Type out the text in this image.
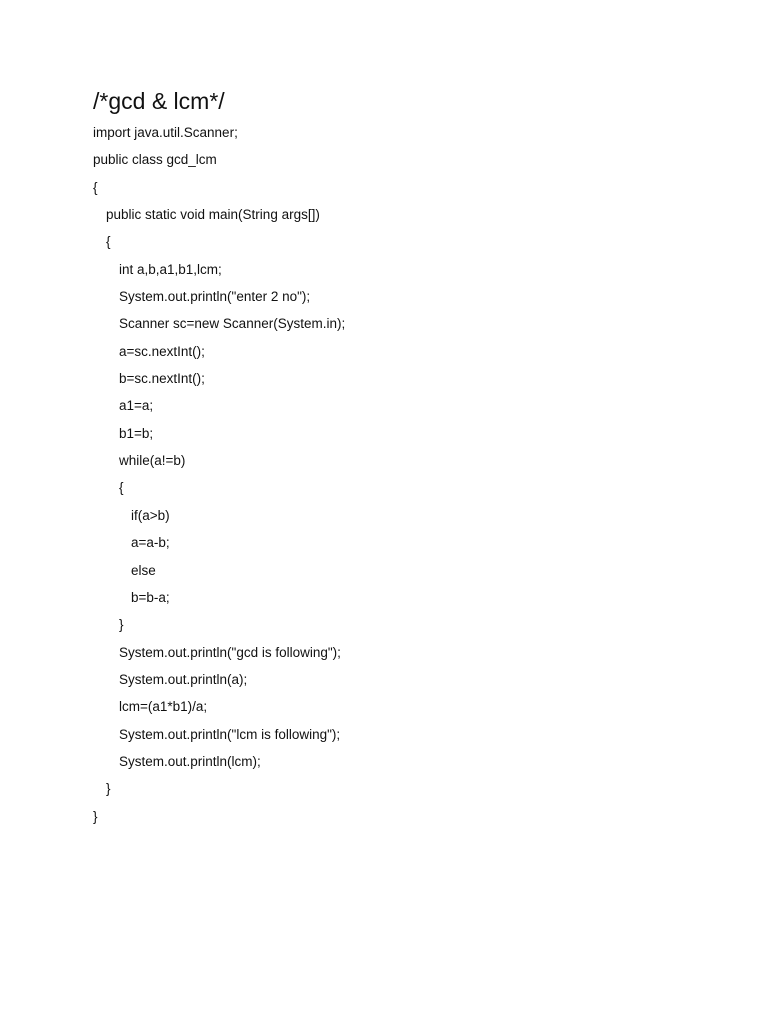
/*gcd & lcm*/
import java.util.Scanner;
public class gcd_lcm
{
public static void main(String args[])
{
int a,b,a1,b1,lcm;
System.out.println("enter 2 no");
Scanner sc=new Scanner(System.in);
a=sc.nextInt();
b=sc.nextInt();
a1=a;
b1=b;
while(a!=b)
{
if(a>b)
a=a-b;
else
b=b-a;
}
System.out.println("gcd is following");
System.out.println(a);
lcm=(a1*b1)/a;
System.out.println("lcm is following");
System.out.println(lcm);
}
}
